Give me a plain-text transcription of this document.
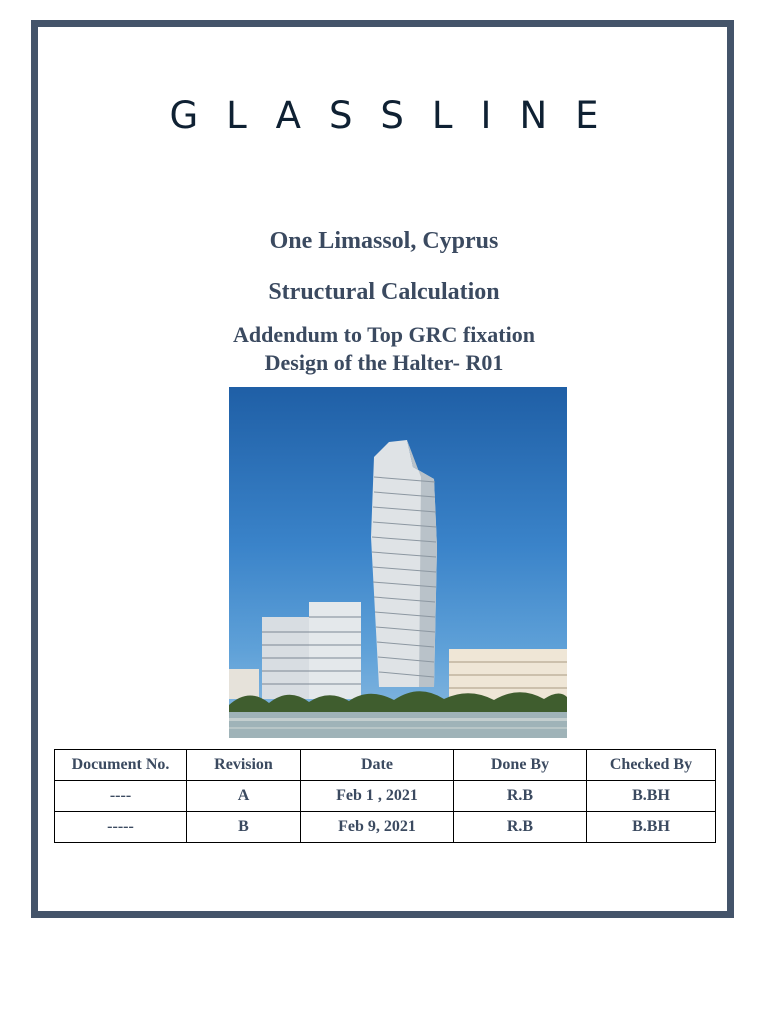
GLASSLINE
One Limassol, Cyprus
Structural Calculation
Addendum to Top GRC fixation
Design of the Halter- R01
Document No.	Revision	Date	Done By	Checked By
----	A	Feb 1 , 2021	R.B	B.BH
-----	B	Feb 9, 2021	R.B	B.BH
